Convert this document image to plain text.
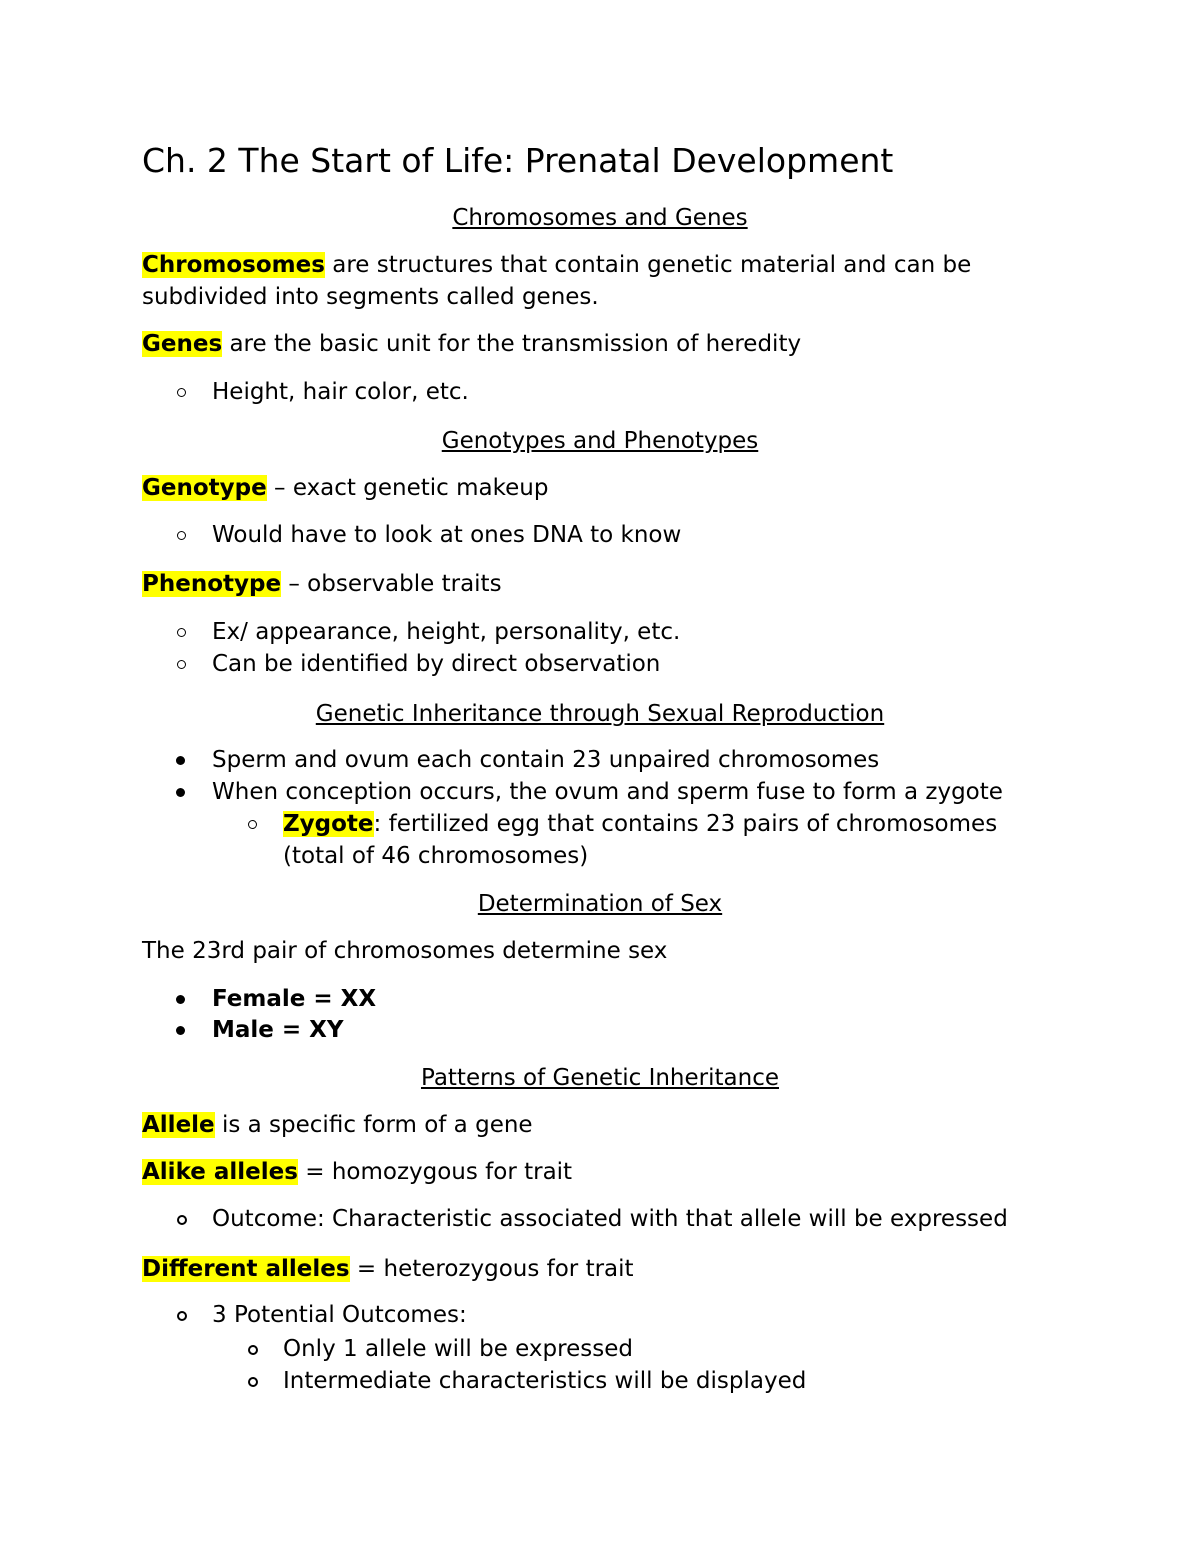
Ch. 2 The Start of Life: Prenatal Development

Chromosomes and Genes

Chromosomes are structures that contain genetic material and can be

subdivided into segments called genes.

Genes are the basic unit for the transmission of heredity

Height, hair color, etc.

Genotypes and Phenotypes

Genotype – exact genetic makeup

Would have to look at ones DNA to know

Phenotype – observable traits

Ex/ appearance, height, personality, etc.

Can be identified by direct observation

Genetic Inheritance through Sexual Reproduction

Sperm and ovum each contain 23 unpaired chromosomes

When conception occurs, the ovum and sperm fuse to form a zygote

Zygote: fertilized egg that contains 23 pairs of chromosomes

(total of 46 chromosomes)

Determination of Sex

The 23rd pair of chromosomes determine sex

Female = XX

Male = XY

Patterns of Genetic Inheritance

Allele is a specific form of a gene

Alike alleles = homozygous for trait

Outcome: Characteristic associated with that allele will be expressed

Different alleles = heterozygous for trait

3 Potential Outcomes:

Only 1 allele will be expressed

Intermediate characteristics will be displayed
